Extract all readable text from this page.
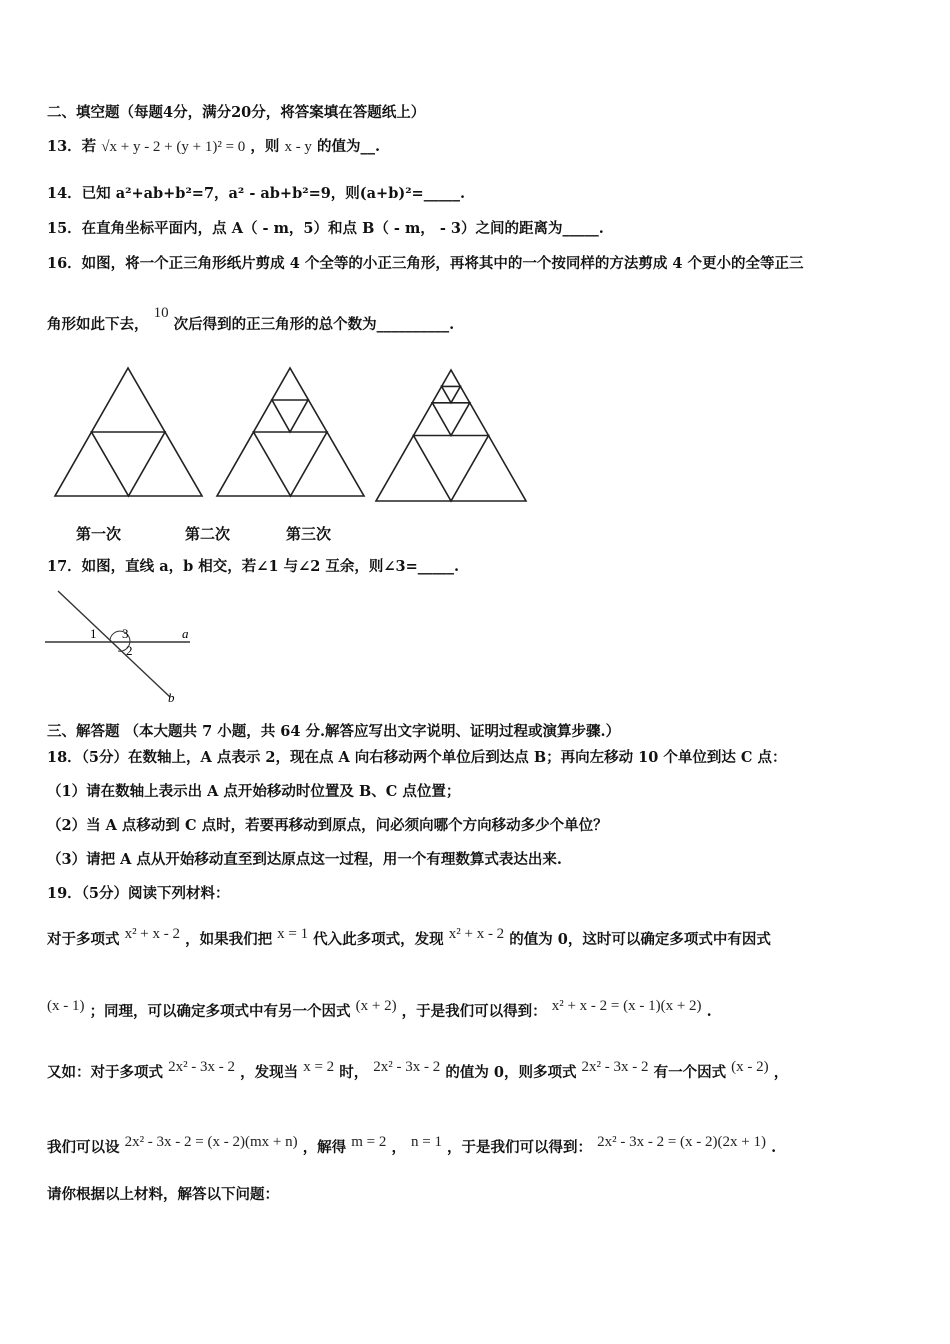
二、填空题（每题4分，满分20分，将答案填在答题纸上）
13．若 √x + y - 2 + (y + 1)² = 0 ，则 x - y 的值为__.
14．已知 a²+ab+b²=7，a² - ab+b²=9，则(a+b)²=_____.
15．在直角坐标平面内，点 A（ - m，5）和点 B（ - m， - 3）之间的距离为_____.
16．如图，将一个正三角形纸片剪成 4 个全等的小正三角形，再将其中的一个按同样的方法剪成 4 个更小的全等正三
角形如此下去， 10 次后得到的正三角形的总个数为__________.
第一次	第二次	第三次
17．如图，直线 a，b 相交，若∠1 与∠2 互余，则∠3=_____.
1 3
2
a
b
三、解答题 （本大题共 7 小题，共 64 分.解答应写出文字说明、证明过程或演算步骤.）
18．（5分）在数轴上，A 点表示 2，现在点 A 向右移动两个单位后到达点 B；再向左移动 10 个单位到达 C 点：
（1）请在数轴上表示出 A 点开始移动时位置及 B、C 点位置；
（2）当 A 点移动到 C 点时，若要再移动到原点，问必须向哪个方向移动多少个单位？
（3）请把 A 点从开始移动直至到达原点这一过程，用一个有理数算式表达出来.
19．（5分）阅读下列材料：
对于多项式 x² + x - 2 ，如果我们把 x = 1 代入此多项式，发现 x² + x - 2 的值为 0，这时可以确定多项式中有因式
(x - 1) ；同理，可以确定多项式中有另一个因式 (x + 2) ，于是我们可以得到： x² + x - 2 = (x - 1)(x + 2) .
又如：对于多项式 2x² - 3x - 2 ，发现当 x = 2 时， 2x² - 3x - 2 的值为 0，则多项式 2x² - 3x - 2 有一个因式 (x - 2) ，
我们可以设 2x² - 3x - 2 = (x - 2)(mx + n) ，解得 m = 2 ， n = 1 ，于是我们可以得到： 2x² - 3x - 2 = (x - 2)(2x + 1) .
请你根据以上材料，解答以下问题：
